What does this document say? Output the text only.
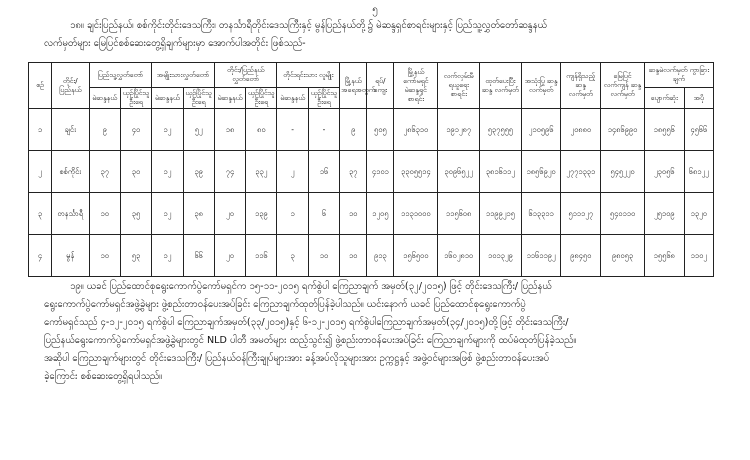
၅
၁၈။ ချင်းပြည်နယ်၊ စစ်ကိုင်းတိုင်းဒေသကြီး၊ တနင်္သာရီတိုင်းဒေသကြီးနှင့် မွန်ပြည်နယ်တို့၌ မဲဆန္ဒရှင်စာရင်းများနှင့် ပြည်သူ့လွှတ်တော်ဆန္ဒနယ်
လက်မှတ်များ မြေပြင်စစ်ဆေးတွေ့ရှိချက်များမှာ အောက်ပါအတိုင်း ဖြစ်သည်-
စဉ်	တိုင်း/ ပြည်နယ်	ပြည်သူ့လွှတ်တော်		အမျိုးသားလွှတ်တော်		တိုင်း/ပြည်နယ် လွှတ်တော်		တိုင်းရင်းသား လူမျိုး		မြို့နယ် အရေအတွက်	ရပ်/ ကျေး	မြို့နယ် ကော်မရှင် မဲဆန္ဒရှင် စာရင်း	လက်လှမ်းမီ ရယူရေး စာရင်း	ထုတ်ပေးပြီး ဆန္ဒ လက်မှတ်	အသုံးပြု ဆန္ဒ လက်မှတ်	ကျန်ရှိသည့် ဆန္ဒ လက်မှတ်	မြေပြင် လက်ကျန် ဆန္ဒ လက်မှတ်	ဆန္ဒမဲလက်မှတ် ကွာခြားချက်	
		မဲဆန္ဒနယ်	ယှဉ်ပြိုင်သူ ဦးရေ	မဲဆန္ဒနယ်	ယှဉ်ပြိုင်သူ ဦးရေ	မဲဆန္ဒနယ်	ယှဉ်ပြိုင်သူ ဦးရေ	မဲဆန္ဒနယ်	ယှဉ်ပြိုင်သူ ဦးရေ									ပျောက်ဆုံး	အပို
၁	ချင်း	၉	၄၀	၁၂	၅၂	၁၈	၈၀	-	-	၉	၅၀၅	၂၈၆၃၁၀	၁၉၁၂၈၇	၅၃၇၅၅၅	၂၁၀၅၉၆	၂၀၈၈၀	၁၄၈၆၉၉၀	၁၈၅၅၆	၄၅၆၆
၂	စစ်ကိုင်း	၃၇	၃၀	၁၂	၃၉	၇၄	၃၃၂	၂	၁၆	၃၇	၄၁၀၁	၃၃၀၅၅၁၄	၃၀၉၆၅၂၂	၃၈၁၆၁၁၂	၁၈၅၆၉၂၀	၂၇၇၁၃၃၁	၅၄၅၂၂၀	၂၃၀၅၆	၆၈၁၂၂
၃	တနင်္သာရီ	၁၀	၃၅	၁၂	၃၈	၂၀	၁၃၉	၁	၆	၁၀	၁၂၀၅	၁၁၃၁၀၀၀	၁၁၅၆၀၈	၁၁၉၉၂၁၅	၆၁၃၃၁၁	၅၁၁၁၂၇	၅၄၀၁၁၀	၂၅၁၀၉	၁၃၂၀
၄	မွန်	၁၀	၅၃	၁၂	၆၆	၂၀	၁၁၆	၃	၁၀	၁၀	၉၁၃	၁၅၆၅၀၀	၁၆၀၂၈၁၀	၁၀၁၃၂၉	၁၁၆၁၁၉၂	၉၈၄၅၀	၉၈၀၅၃	၁၅၅၆၈	၁၁၀၂
၁၉။ ယခင် ပြည်ထောင်စုရွေးကောက်ပွဲကော်မရှင်က ၁၅-၁၁-၂၀၁၅ ရက်စွဲပါ ကြေညာချက် အမှတ်(၃၂/၂၀၁၅) ဖြင့် တိုင်းဒေသကြီး/ ပြည်နယ်
ရွေးကောက်ပွဲကော်မရှင်အဖွဲ့ခွဲများ ဖွဲ့စည်းတာဝန်ပေးအပ်ခြင်း ကြေညာချက်ထုတ်ပြန်ခဲ့ပါသည်။ ယင်းနောက် ယခင် ပြည်ထောင်စုရွေးကောက်ပွဲ
ကော်မရှင်သည် ၄-၁၂-၂၀၁၅ ရက်စွဲပါ ကြေညာချက်အမှတ်(၃၃/၂၀၁၅)နှင့် ၆-၁၂-၂၀၁၅ ရက်စွဲပါကြေညာချက်အမှတ်(၃၄/၂၀၁၅)တို့ဖြင့် တိုင်းဒေသကြီး/
ပြည်နယ်ရွေးကောက်ပွဲကော်မရှင်အဖွဲ့ခွဲများတွင် NLD ပါတီ အမတ်များ ထည့်သွင်း၍ ဖွဲ့စည်းတာဝန်ပေးအပ်ခြင်း ကြေညာချက်များကို ထပ်မံထုတ်ပြန်ခဲ့သည်။
အဆိုပါ ကြေညာချက်များတွင် တိုင်းဒေသကြီး/ ပြည်နယ်ဝန်ကြီးချုပ်များအား ခန့်အပ်လိုသူများအား ဥက္ကဋ္ဌနှင့် အဖွဲ့ဝင်များအဖြစ် ဖွဲ့စည်းတာဝန်ပေးအပ်
ခဲ့ကြောင်း စစ်ဆေးတွေ့ရှိရပါသည်။
